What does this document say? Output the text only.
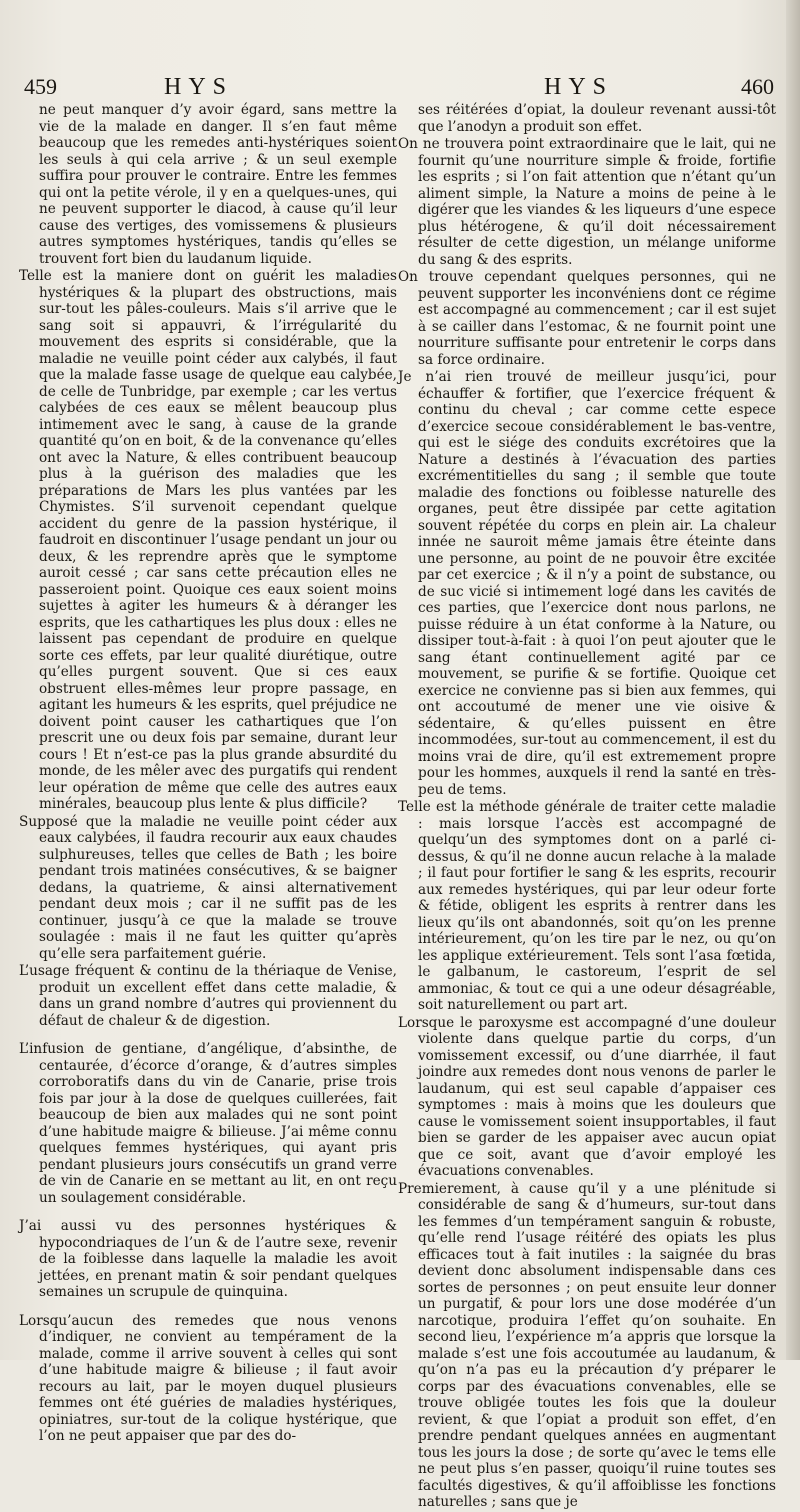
459	HYS	HYS	460

ne peut manquer d’y avoir égard, sans mettre la vie de la malade en danger. Il s’en faut même beaucoup que les remedes anti-hystériques soient les seuls à qui cela arrive ; & un seul exemple suffira pour prouver le contraire. Entre les femmes qui ont la petite vérole, il y en a quelques-unes, qui ne peuvent supporter le diacod, à cause qu’il leur cause des vertiges, des vomissemens & plusieurs autres symptomes hystériques, tandis qu’elles se trouvent fort bien du laudanum liquide.

Telle est la maniere dont on guérit les maladies hystériques & la plupart des obstructions, mais sur-tout les pâles-couleurs. Mais s’il arrive que le sang soit si appauvri, & l’irrégularité du mouvement des esprits si considérable, que la maladie ne veuille point céder aux calybés, il faut que la malade fasse usage de quelque eau calybée, de celle de Tunbridge, par exemple ; car les vertus calybées de ces eaux se mêlent beaucoup plus intimement avec le sang, à cause de la grande quantité qu’on en boit, & de la convenance qu’elles ont avec la Nature, & elles contribuent beaucoup plus à la guérison des maladies que les préparations de Mars les plus vantées par les Chymistes. S’il survenoit cependant quelque accident du genre de la passion hystérique, il faudroit en discontinuer l’usage pendant un jour ou deux, & les reprendre après que le symptome auroit cessé ; car sans cette précaution elles ne passeroient point. Quoique ces eaux soient moins sujettes à agiter les humeurs & à déranger les esprits, que les cathartiques les plus doux : elles ne laissent pas cependant de produire en quelque sorte ces effets, par leur qualité diurétique, outre qu’elles purgent souvent. Que si ces eaux obstruent elles-mêmes leur propre passage, en agitant les humeurs & les esprits, quel préjudice ne doivent point causer les cathartiques que l’on prescrit une ou deux fois par semaine, durant leur cours ! Et n’est-ce pas la plus grande absurdité du monde, de les mêler avec des purgatifs qui rendent leur opération de même que celle des autres eaux minérales, beaucoup plus lente & plus difficile?

Supposé que la maladie ne veuille point céder aux eaux calybées, il faudra recourir aux eaux chaudes sulphureuses, telles que celles de Bath ; les boire pendant trois matinées consécutives, & se baigner dedans, la quatrieme, & ainsi alternativement pendant deux mois ; car il ne suffit pas de les continuer, jusqu’à ce que la malade se trouve soulagée : mais il ne faut les quitter qu’après qu’elle sera parfaitement guérie.

L’usage fréquent & continu de la thériaque de Venise, produit un excellent effet dans cette maladie, & dans un grand nombre d’autres qui proviennent du défaut de chaleur & de digestion.

L’infusion de gentiane, d’angélique, d’absinthe, de centaurée, d’écorce d’orange, & d’autres simples corroboratifs dans du vin de Canarie, prise trois fois par jour à la dose de quelques cuillerées, fait beaucoup de bien aux malades qui ne sont point d’une habitude maigre & bilieuse. J’ai même connu quelques femmes hystériques, qui ayant pris pendant plusieurs jours consécutifs un grand verre de vin de Canarie en se mettant au lit, en ont reçu un soulagement considérable.

J’ai aussi vu des personnes hystériques & hypocondriaques de l’un & de l’autre sexe, revenir de la foiblesse dans laquelle la maladie les avoit jettées, en prenant matin & soir pendant quelques semaines un scrupule de quinquina.

Lorsqu’aucun des remedes que nous venons d’indiquer, ne convient au tempérament de la malade, comme il arrive souvent à celles qui sont d’une habitude maigre & bilieuse ; il faut avoir recours au lait, par le moyen duquel plusieurs femmes ont été guéries de maladies hystériques, opiniatres, sur-tout de la colique hystérique, que l’on ne peut appaiser que par des do-

ses réitérées d’opiat, la douleur revenant aussi-tôt que l’anodyn a produit son effet.

On ne trouvera point extraordinaire que le lait, qui ne fournit qu’une nourriture simple & froide, fortifie les esprits ; si l’on fait attention que n’étant qu’un aliment simple, la Nature a moins de peine à le digérer que les viandes & les liqueurs d’une espece plus hétérogene, & qu’il doit nécessairement résulter de cette digestion, un mélange uniforme du sang & des esprits.

On trouve cependant quelques personnes, qui ne peuvent supporter les inconvéniens dont ce régime est accompagné au commencement ; car il est sujet à se cailler dans l’estomac, & ne fournit point une nourriture suffisante pour entretenir le corps dans sa force ordinaire.

Je n’ai rien trouvé de meilleur jusqu’ici, pour échauffer & fortifier, que l’exercice fréquent & continu du cheval ; car comme cette espece d’exercice secoue considérablement le bas-ventre, qui est le siége des conduits excrétoires que la Nature a destinés à l’évacuation des parties excrémentitielles du sang ; il semble que toute maladie des fonctions ou foiblesse naturelle des organes, peut être dissipée par cette agitation souvent répétée du corps en plein air. La chaleur innée ne sauroit même jamais être éteinte dans une personne, au point de ne pouvoir être excitée par cet exercice ; & il n’y a point de substance, ou de suc vicié si intimement logé dans les cavités de ces parties, que l’exercice dont nous parlons, ne puisse réduire à un état conforme à la Nature, ou dissiper tout-à-fait : à quoi l’on peut ajouter que le sang étant continuellement agité par ce mouvement, se purifie & se fortifie. Quoique cet exercice ne convienne pas si bien aux femmes, qui ont accoutumé de mener une vie oisive & sédentaire, & qu’elles puissent en être incommodées, sur-tout au commencement, il est du moins vrai de dire, qu’il est extremement propre pour les hommes, auxquels il rend la santé en très-peu de tems.

Telle est la méthode générale de traiter cette maladie : mais lorsque l’accès est accompagné de quelqu’un des symptomes dont on a parlé ci-dessus, & qu’il ne donne aucun relache à la malade ; il faut pour fortifier le sang & les esprits, recourir aux remedes hystériques, qui par leur odeur forte & fétide, obligent les esprits à rentrer dans les lieux qu’ils ont abandonnés, soit qu’on les prenne intérieurement, qu’on les tire par le nez, ou qu’on les applique extérieurement. Tels sont l’asa fœtida, le galbanum, le castoreum, l’esprit de sel ammoniac, & tout ce qui a une odeur désagréable, soit naturellement ou part art.

Lorsque le paroxysme est accompagné d’une douleur violente dans quelque partie du corps, d’un vomissement excessif, ou d’une diarrhée, il faut joindre aux remedes dont nous venons de parler le laudanum, qui est seul capable d’appaiser ces symptomes : mais à moins que les douleurs que cause le vomissement soient insupportables, il faut bien se garder de les appaiser avec aucun opiat que ce soit, avant que d’avoir employé les évacuations convenables.

Premierement, à cause qu’il y a une plénitude si considérable de sang & d’humeurs, sur-tout dans les femmes d’un tempérament sanguin & robuste, qu’elle rend l’usage réitéré des opiats les plus efficaces tout à fait inutiles : la saignée du bras devient donc absolument indispensable dans ces sortes de personnes ; on peut ensuite leur donner un purgatif, & pour lors une dose modérée d’un narcotique, produira l’effet qu’on souhaite. En second lieu, l’expérience m’a appris que lorsque la malade s’est une fois accoutumée au laudanum, & qu’on n’a pas eu la précaution d’y préparer le corps par des évacuations convenables, elle se trouve obligée toutes les fois que la douleur revient, & que l’opiat a produit son effet, d’en prendre pendant quelques années en augmentant tous les jours la dose ; de sorte qu’avec le tems elle ne peut plus s’en passer, quoiqu’il ruine toutes ses facultés digestives, & qu’il affoiblisse les fonctions naturelles ; sans que je
